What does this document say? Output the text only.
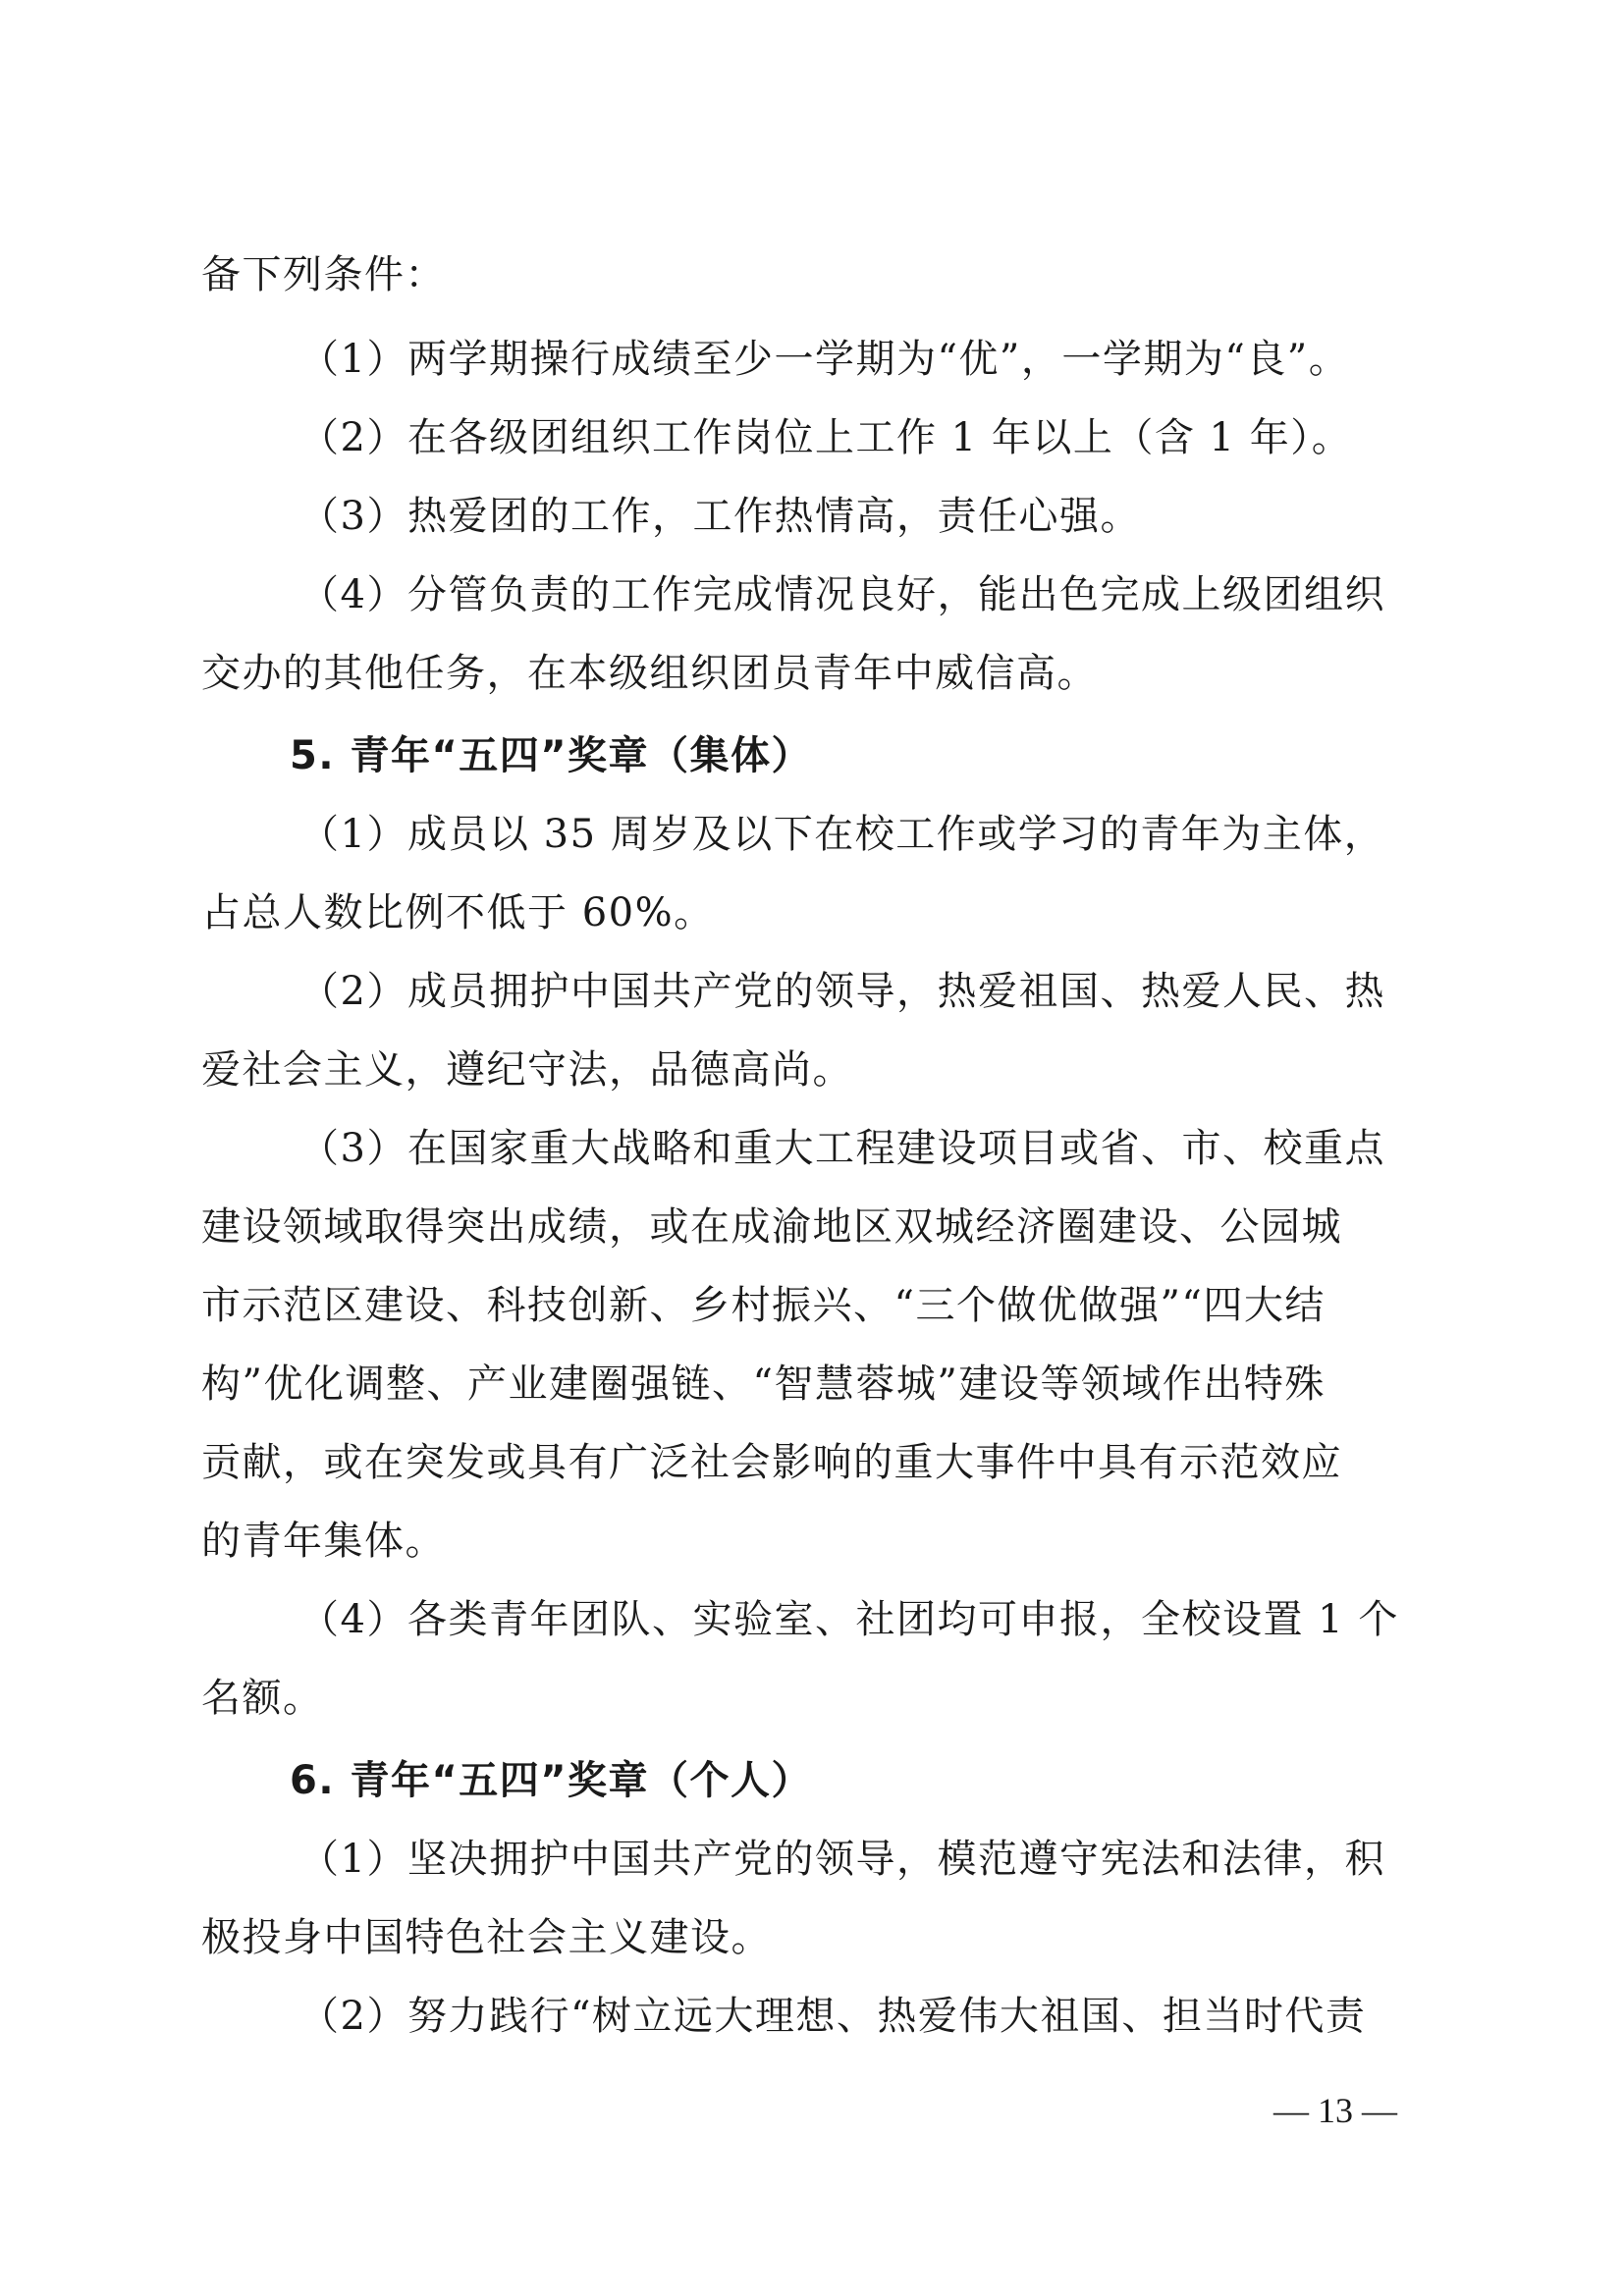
备下列条件：
（1）两学期操行成绩至少一学期为“优”，一学期为“良”。
（2）在各级团组织工作岗位上工作 1 年以上（含 1 年）。
（3）热爱团的工作，工作热情高，责任心强。
（4）分管负责的工作完成情况良好，能出色完成上级团组织
交办的其他任务，在本级组织团员青年中威信高。
5. 青年“五四”奖章（集体）
（1）成员以 35 周岁及以下在校工作或学习的青年为主体，
占总人数比例不低于 60%。
（2）成员拥护中国共产党的领导，热爱祖国、热爱人民、热
爱社会主义，遵纪守法，品德高尚。
（3）在国家重大战略和重大工程建设项目或省、市、校重点
建设领域取得突出成绩，或在成渝地区双城经济圈建设、公园城
市示范区建设、科技创新、乡村振兴、“三个做优做强”“四大结
构”优化调整、产业建圈强链、“智慧蓉城”建设等领域作出特殊
贡献，或在突发或具有广泛社会影响的重大事件中具有示范效应
的青年集体。
（4）各类青年团队、实验室、社团均可申报，全校设置 1 个
名额。
6. 青年“五四”奖章（个人）
（1）坚决拥护中国共产党的领导，模范遵守宪法和法律，积
极投身中国特色社会主义建设。
（2）努力践行“树立远大理想、热爱伟大祖国、担当时代责
— 13 —
